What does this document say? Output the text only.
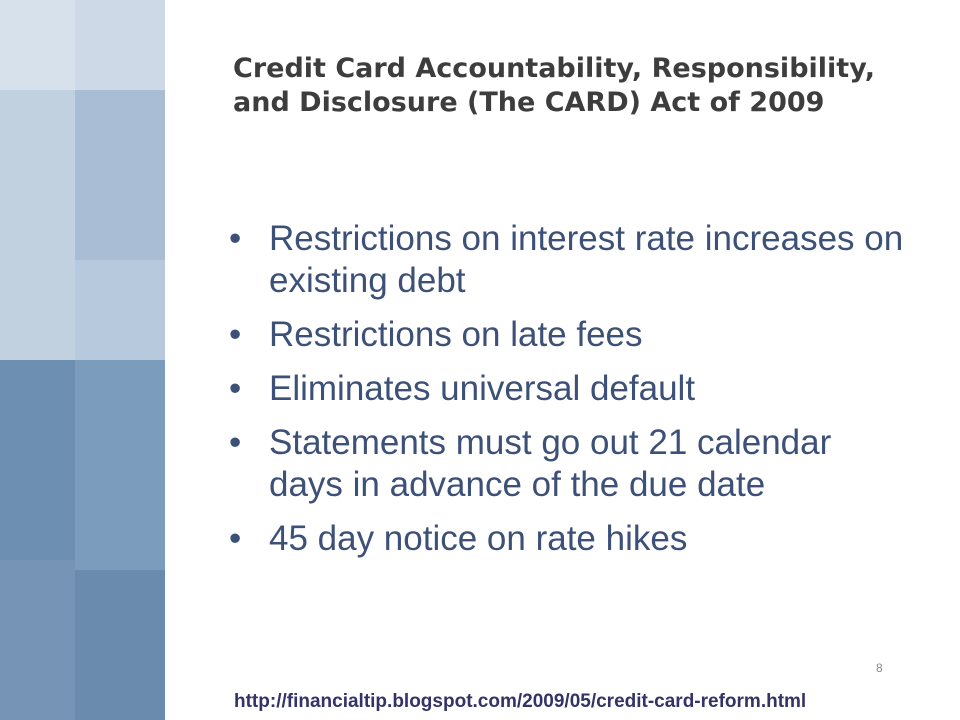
Credit Card Accountability, Responsibility, and Disclosure (The CARD) Act of 2009
• Restrictions on interest rate increases on existing debt
• Restrictions on late fees
• Eliminates universal default
• Statements must go out 21 calendar days in advance of the due date
• 45 day notice on rate hikes
8
http://financialtip.blogspot.com/2009/05/credit-card-reform.html
